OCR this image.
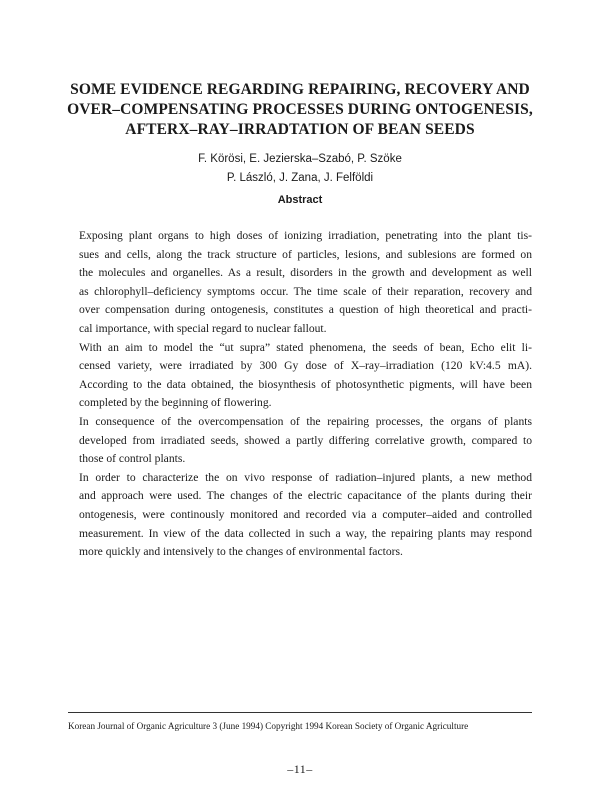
SOME EVIDENCE REGARDING REPAIRING, RECOVERY AND
OVER–COMPENSATING PROCESSES DURING ONTOGENESIS,
AFTERX–RAY–IRRADTATION OF BEAN SEEDS
F. Körösi, E. Jezierska–Szabó, P. Szöke
P. László, J. Zana, J. Felföldi
Abstract

Exposing plant organs to high doses of ionizing irradiation, penetrating into the plant tis-
sues and cells, along the track structure of particles, lesions, and sublesions are formed on
the molecules and organelles. As a result, disorders in the growth and development as well
as chlorophyll–deficiency symptoms occur. The time scale of their reparation, recovery and
over compensation during ontogenesis, constitutes a question of high theoretical and practi-
cal importance, with special regard to nuclear fallout.

With an aim to model the “ut supra” stated phenomena, the seeds of bean, Echo elit li-
censed variety, were irradiated by 300 Gy dose of X–ray–irradiation (120 kV:4.5 mA).
According to the data obtained, the biosynthesis of photosynthetic pigments, will have been
completed by the beginning of flowering.

In consequence of the overcompensation of the repairing processes, the organs of plants
developed from irradiated seeds, showed a partly differing correlative growth, compared to
those of control plants.

In order to characterize the on vivo response of radiation–injured plants, a new method
and approach were used. The changes of the electric capacitance of the plants during their
ontogenesis, were continously monitored and recorded via a computer–aided and controlled
measurement. In view of the data collected in such a way, the repairing plants may respond
more quickly and intensively to the changes of environmental factors.

Korean Journal of Organic Agriculture 3 (June 1994) Copyright 1994 Korean Society of Organic Agriculture
–11–
